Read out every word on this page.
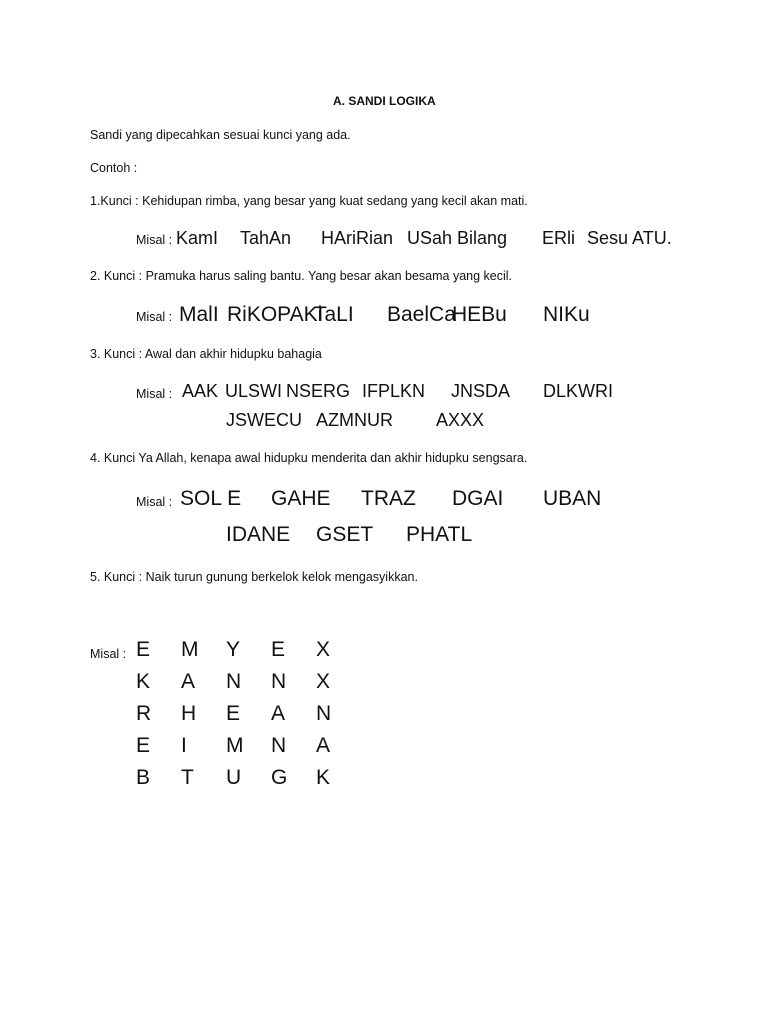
A. SANDI LOGIKA
Sandi yang dipecahkan sesuai kunci yang ada.
Contoh :
1.Kunci : Kehidupan rimba, yang besar yang kuat sedang yang kecil akan mati.
Misal : KamI TahAn HAriRian USah Bilang ERli Sesu ATU.
2. Kunci : Pramuka harus saling bantu. Yang besar akan besama yang kecil.
Misal : MalI RiKOPAKi
TaLI BaelCa
HEBu NIKu
3. Kunci : Awal dan akhir hidupku bahagia
Misal : AAK ULSWI NSERG IFPLKN JNSDA DLKWRI
JSWECU AZMNUR AXXX
4. Kunci Ya Allah, kenapa awal hidupku menderita dan akhir hidupku sengsara.
Misal : SOL E GAHE TRAZ DGAI UBAN
IDANE GSET PHATL
5. Kunci : Naik turun gunung berkelok kelok mengasyikkan.
Misal : E M Y E X
K A N N X
R H E A N
E I M N A
B T U G K
